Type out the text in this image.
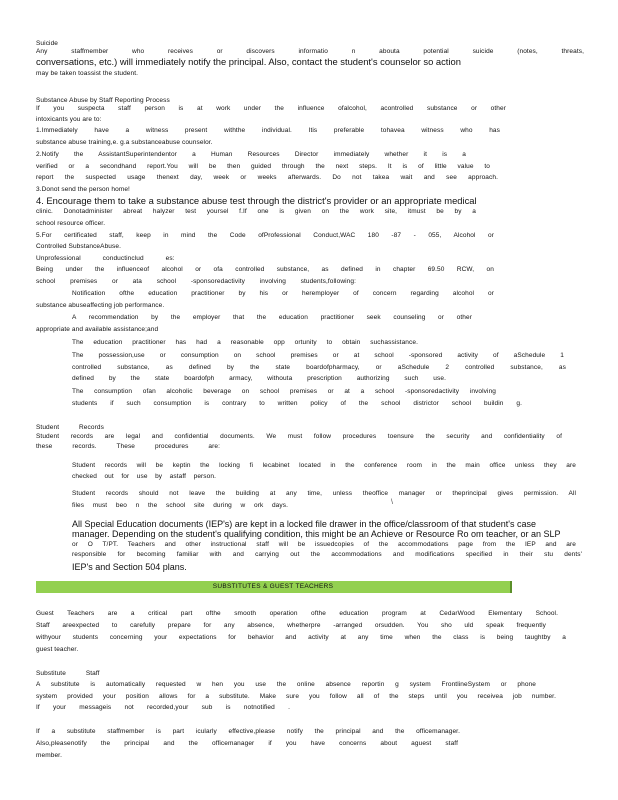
Suicide

Any staffmember who receives or discovers informatio n abouta potential suicide (notes, threats,

conversations, etc.) will immediately notify the principal. Also, contact the student's counselor so action

may be taken toassist the student.

Substance Abuse by Staff Reporting Process

If you suspecta staff person is at work under the influence ofalcohol, acontrolled substance or other

intoxicants you are to:

1.Immediately have a witness present withthe individual. Itis preferable tohavea witness who has

substance abuse training,e. g.a substanceabuse counselor.

2.Notify the AssistantSuperintendentor a Human Resources Director immediately whether it is a

verified or a secondhand report.You will be then guided through the next steps. It is of little value to

report the suspected usage thenext day, week or weeks afterwards. Do not takea wait and see approach.

3.Donot send the person home!

4. Encourage them to take a substance abuse test through the district's provider or an appropriate medical

clinic. Donotadminister abreat halyzer test yoursel f.If one is given on the work site, itmust be by a

school resource officer.

5.For certificated staff, keep in mind the Code ofProfessional Conduct,WAC 180 -87 - 055, Alcohol or

Controlled SubstanceAbuse.

Unprofessional conductinclud es:

Being under the influenceof alcohol or ofa controlled substance, as defined in chapter 69.50 RCW, on

school premises or ata school -sponsoredactivity involving students,following:

Notification ofthe education practitioner by his or heremployer of concern regarding alcohol or

substance abuseaffecting job performance.

A recommendation by the employer that the education practitioner seek counseling or other

appropriate and available assistance;and

The education practitioner has had a reasonable opp ortunity to obtain suchassistance.

The possession,use or consumption on school premises or at school -sponsored activity of aSchedule 1

controlled substance, as defined by the state boardofpharmacy, or aSchedule 2 controlled substance, as

defined by the state boardofph armacy, withouta prescription authorizing such use.

The consumption ofan alcoholic beverage on school premises or at a school -sponsoredactivity involving

students if such consumption is contrary to written policy of the school districtor school buildin g.

Student Records

Student records are legal and confidential documents. We must follow procedures toensure the security and confidentiality of

these records. These procedures are:

Student records will be keptin the locking fi lecabinet located in the conference room in the main office unless they are

checked out for use by astaff person.

Student records should not leave the building at any time, unless theoffice manager or theprincipal gives permission. All

files must beo n the school site during w ork days.	\

All Special Education documents (IEP's) are kept in a locked file drawer in the office/classroom of that student's case

manager. Depending on the student's qualifying condition, this might be an Achieve or Resource Ro om teacher, or an SLP

or O T/PT. Teachers and other instructional staff will be issuedcopies of the accommodations page from the IEP and are

responsible for becoming familiar with and carrying out the accommodations and modifications specified in their stu dents'

IEP's and Section 504 plans.

SUBSTITUTES & GUEST TEACHERS

Guest Teachers are a critical part ofthe smooth operation ofthe education program at CedarWood Elementary School.

Staff areexpected to carefully prepare for any absence, whetherpre -arranged orsudden. You sho uld speak frequently

withyour students concerning your expectations for behavior and activity at any time when the class is being taughtby a

guest teacher.

Substitute Staff

A substitute is automatically requested w hen you use the online absence reportin g system FrontlineSystem or phone

system provided your position allows for a substitute. Make sure you follow all of the steps until you receivea job number.

If your messageis not recorded,your sub is notnotified .

If a substitute staffmember is part icularly effective,please notify the principal and the officemanager.

Also,pleasenotify the principal and the officemanager if you have concerns about aguest staff

member.
